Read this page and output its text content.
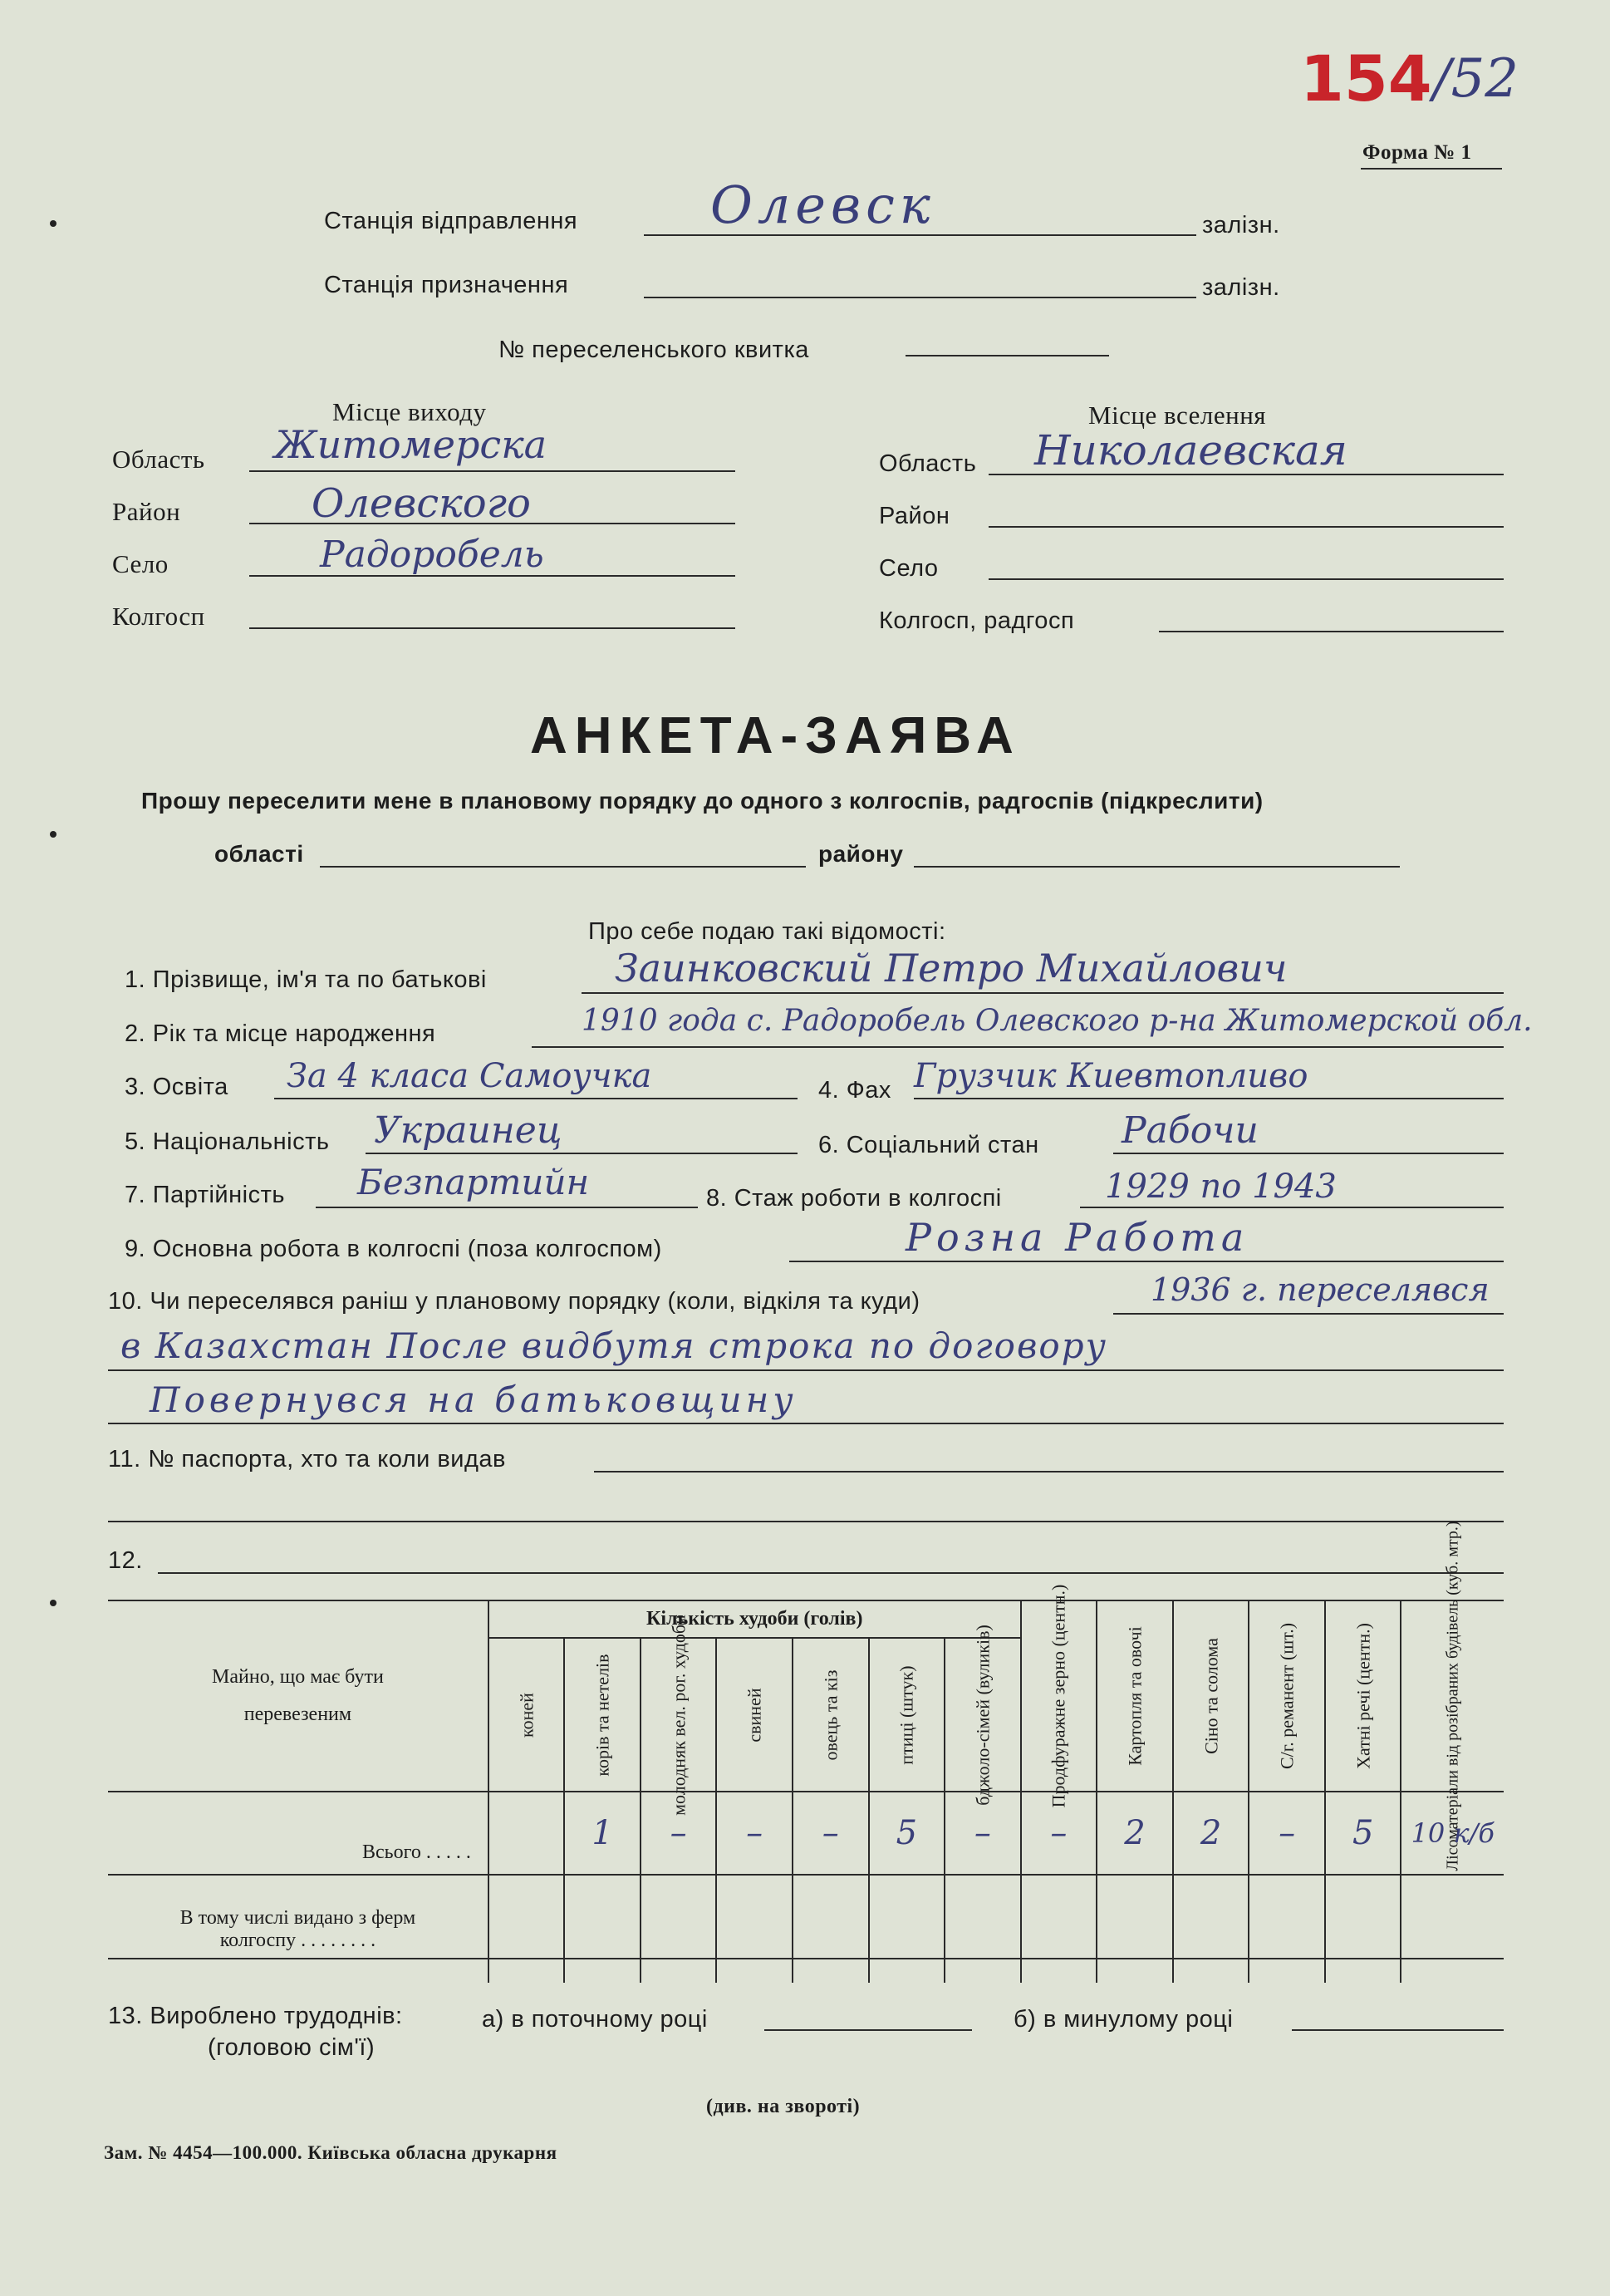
154 /52
Форма № 1
Станція відправлення	Олевск	залізн.
Станція призначення	залізн.
№ переселенського квитка
Місце виходу
Область Житомерска
Район	Олевского
Село	Радоробель
Колгосп
Місце вселення
Область Николаевская
Район
Село
Колгосп, радгосп
АНКЕТА-ЗАЯВА
Прошу переселити мене в плановому порядку до одного з колгоспів, радгоспів (підкреслити)
області	району
Про себе подаю такі відомості:
1. Прізвище, ім'я та по батькові	Заинковский Петро Михайлович
2. Рік та місце народження	1910 года с. Радоробель Олевского р-на Житомерской обл.
3. Освіта За 4 класа Самоучка	4. Фах Грузчик Киевтопливо
5. Національність Украинец	6. Соціальний стан Рабочи
7. Партійність Безпартийн	8. Стаж роботи в колгоспі	1929 по 1943
9. Основна робота в колгоспі (поза колгоспом)	Розна Работа
10. Чи переселявся раніш у плановому порядку (коли, відкіля та куди)	1936 г. переселявся
в Казахстан После видбутя строка по договору
Повернувся на батьковщину
11. № паспорта, хто та коли видав
12.
Майно, що має бути
перевезеним	Кількість худоби (голів)							Продфуражне зерно (центн.)	Картопля та овочі	Сіно та солома	С/г. реманент (шт.)	Хатні речі (центн.)	Лісоматеріали від розібраних будівель (куб. мтр.)

	коней	корів та нетелів	молодняк вел. рог. худоби	свиней	овець та кіз	птиці (штук)	бджоло-сімей (вуликів)						

Всього . . . . .		1	–	–	–	5	–	–	2	2	–	5	10 к/б

В тому числі видано з ферм
колгоспу . . . . . . . .													

13. Вироблено трудоднів:
(головою сім'ї)
а) в поточному році	б) в минулому році
(див. на звороті)
Зам. № 4454—100.000. Київська обласна друкарня
